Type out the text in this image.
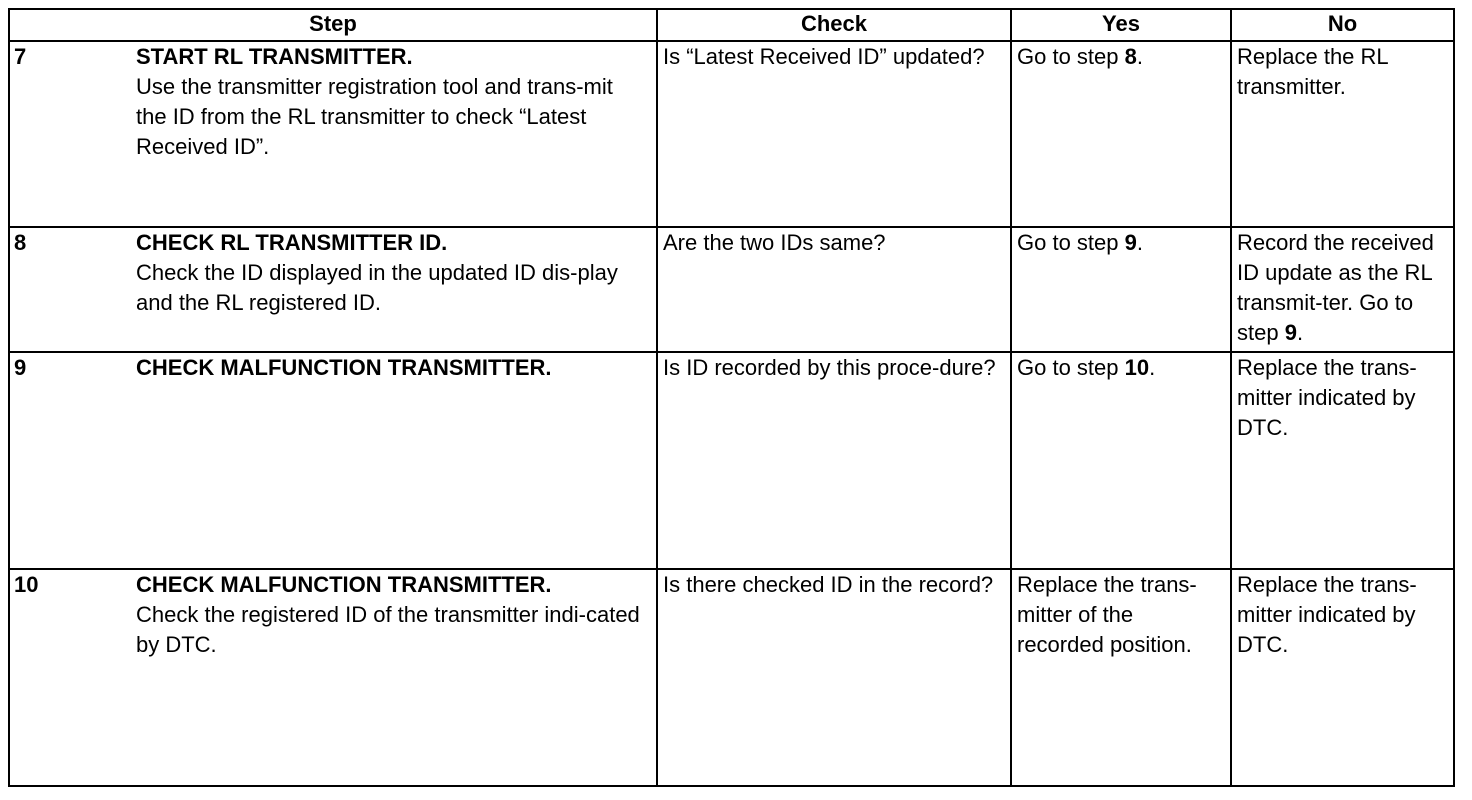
Step	Check	Yes	No

7 START RL TRANSMITTER.
Use the transmitter registration tool and trans-mit the ID from the RL transmitter to check “Latest Received ID”.	Is “Latest Received ID” updated?	Go to step 8.	Replace the RL transmitter.

8 CHECK RL TRANSMITTER ID.
Check the ID displayed in the updated ID dis-play and the RL registered ID.	Are the two IDs same?	Go to step 9.	Record the received ID update as the RL transmit-ter. Go to step 9.

9 CHECK MALFUNCTION TRANSMITTER.	Is ID recorded by this proce-dure?	Go to step 10.	Replace the trans-mitter indicated by DTC.

10 CHECK MALFUNCTION TRANSMITTER.
Check the registered ID of the transmitter indi-cated by DTC.	Is there checked ID in the record?	Replace the trans-mitter of the recorded position.	Replace the trans-mitter indicated by DTC.
